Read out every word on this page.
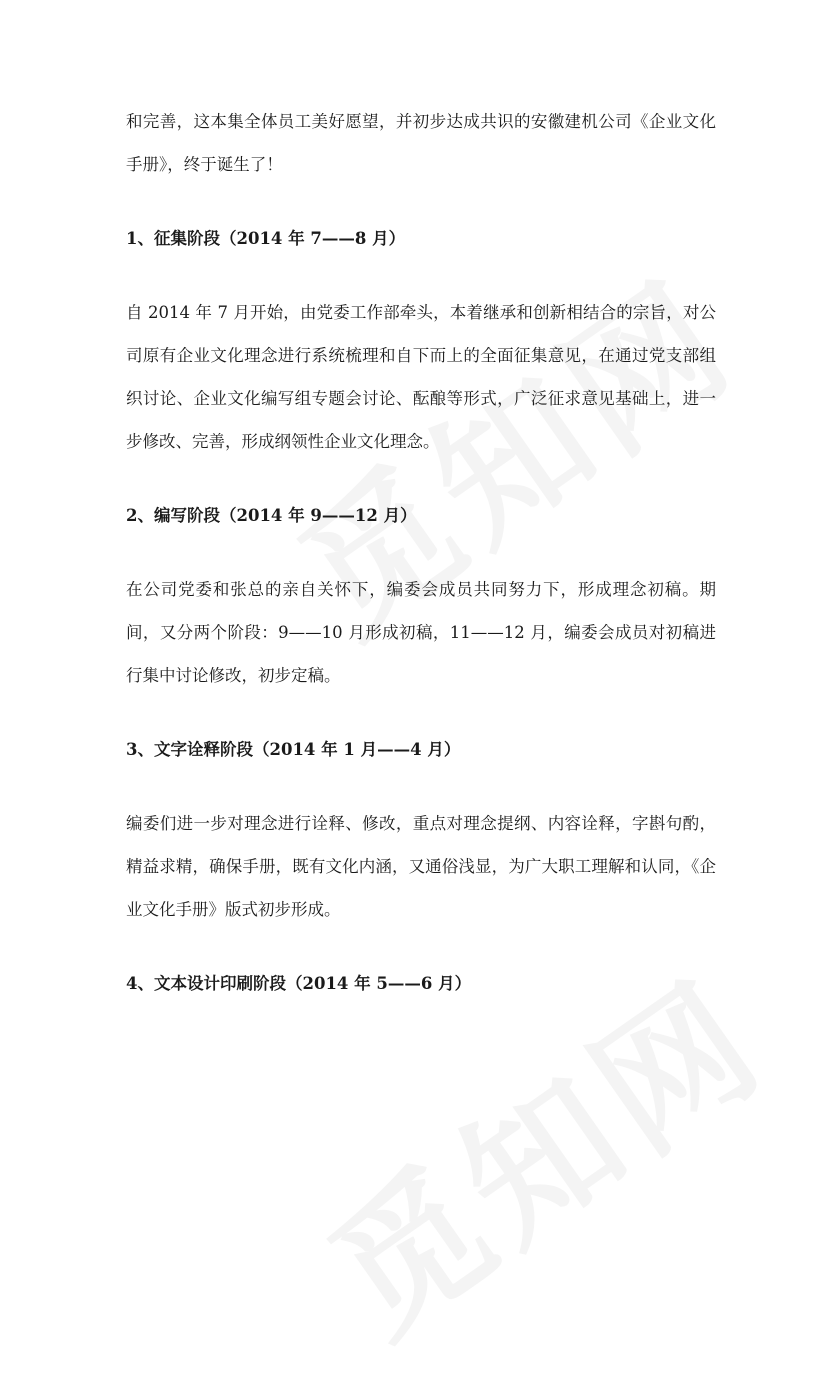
和完善，这本集全体员工美好愿望，并初步达成共识的安徽建机公司《企业文化手册》，终于诞生了！

1、征集阶段（2014 年 7——8 月）

自 2014 年 7 月开始，由党委工作部牵头，本着继承和创新相结合的宗旨，对公司原有企业文化理念进行系统梳理和自下而上的全面征集意见，在通过党支部组织讨论、企业文化编写组专题会讨论、酝酿等形式，广泛征求意见基础上，进一步修改、完善，形成纲领性企业文化理念。

2、编写阶段（2014 年 9——12 月）

在公司党委和张总的亲自关怀下，编委会成员共同努力下，形成理念初稿。期间，又分两个阶段：9——10 月形成初稿，11——12 月，编委会成员对初稿进行集中讨论修改，初步定稿。

3、文字诠释阶段（2014 年 1 月——4 月）

编委们进一步对理念进行诠释、修改，重点对理念提纲、内容诠释，字斟句酌，精益求精，确保手册，既有文化内涵，又通俗浅显，为广大职工理解和认同，《企业文化手册》版式初步形成。

4、文本设计印刷阶段（2014 年 5——6 月）
